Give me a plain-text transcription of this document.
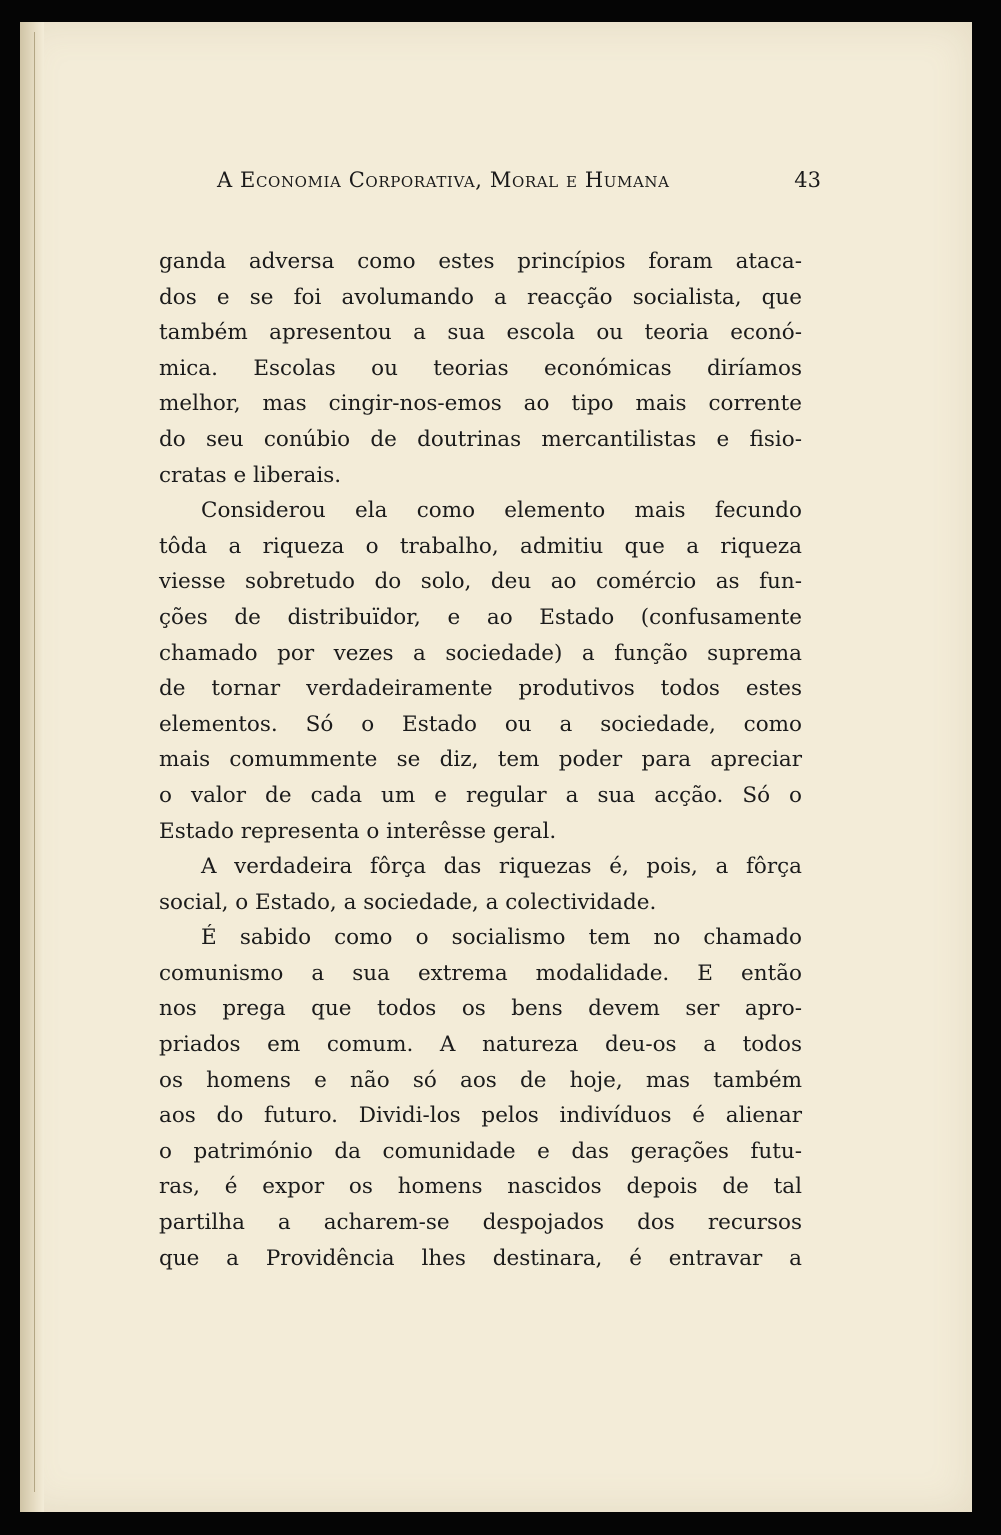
A Economia Corporativa, Moral e Humana	43
ganda adversa como estes princípios foram ataca-
dos e se foi avolumando a reacção socialista, que
também apresentou a sua escola ou teoria econó-
mica. Escolas ou teorias económicas diríamos
melhor, mas cingir-nos-emos ao tipo mais corrente
do seu conúbio de doutrinas mercantilistas e fisio-
cratas e liberais.
Considerou ela como elemento mais fecundo
tôda a riqueza o trabalho, admitiu que a riqueza
viesse sobretudo do solo, deu ao comércio as fun-
ções de distribuïdor, e ao Estado (confusamente
chamado por vezes a sociedade) a função suprema
de tornar verdadeiramente produtivos todos estes
elementos. Só o Estado ou a sociedade, como
mais comummente se diz, tem poder para apreciar
o valor de cada um e regular a sua acção. Só o
Estado representa o interêsse geral.
A verdadeira fôrça das riquezas é, pois, a fôrça
social, o Estado, a sociedade, a colectividade.
É sabido como o socialismo tem no chamado
comunismo a sua extrema modalidade. E então
nos prega que todos os bens devem ser apro-
priados em comum. A natureza deu-os a todos
os homens e não só aos de hoje, mas também
aos do futuro. Dividi-los pelos indivíduos é alienar
o património da comunidade e das gerações futu-
ras, é expor os homens nascidos depois de tal
partilha a acharem-se despojados dos recursos
que a Providência lhes destinara, é entravar a
